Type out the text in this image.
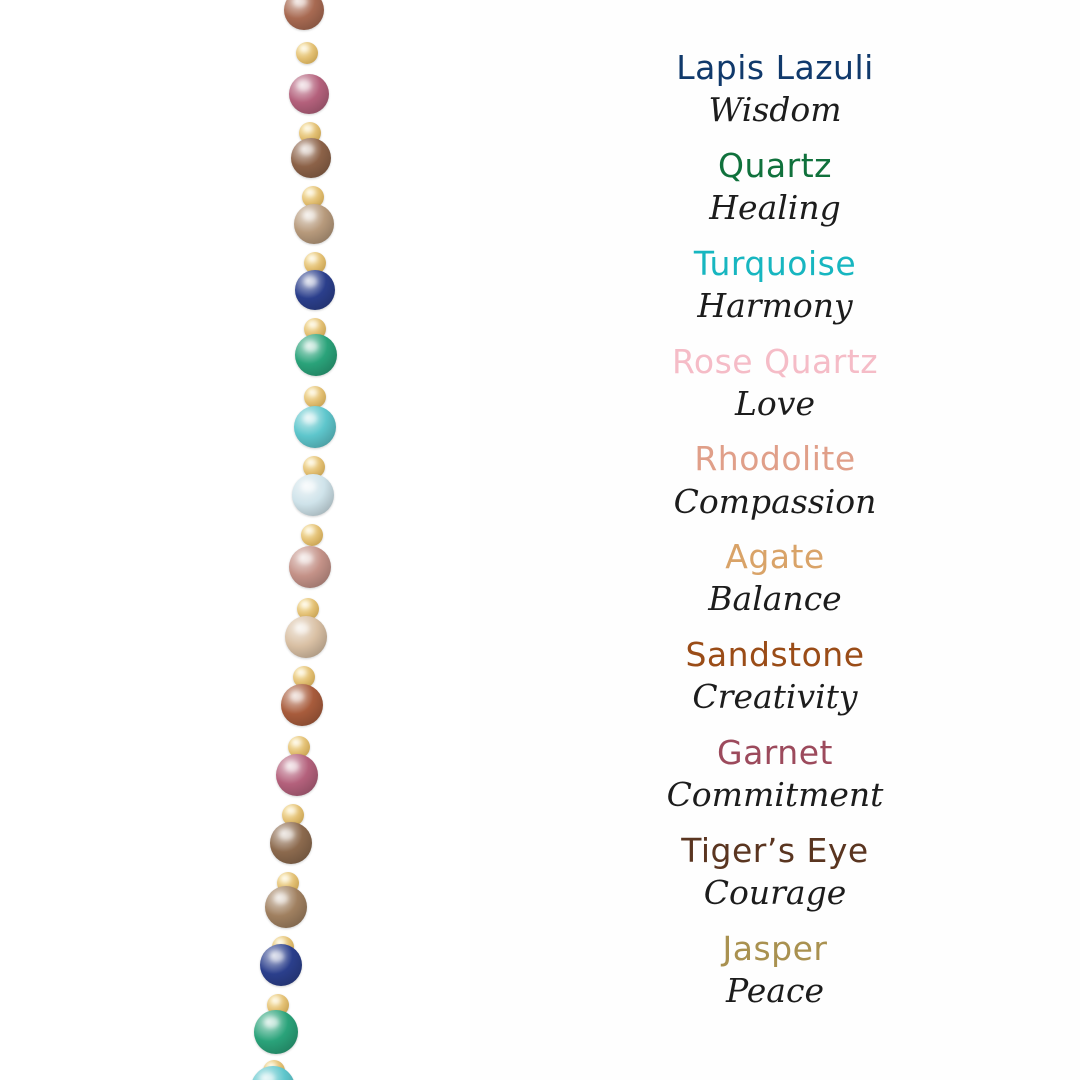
Lapis Lazuli
Wisdom
Quartz
Healing
Turquoise
Harmony
Rose Quartz
Love
Rhodolite
Compassion
Agate
Balance
Sandstone
Creativity
Garnet
Commitment
Tiger’s Eye
Courage
Jasper
Peace
